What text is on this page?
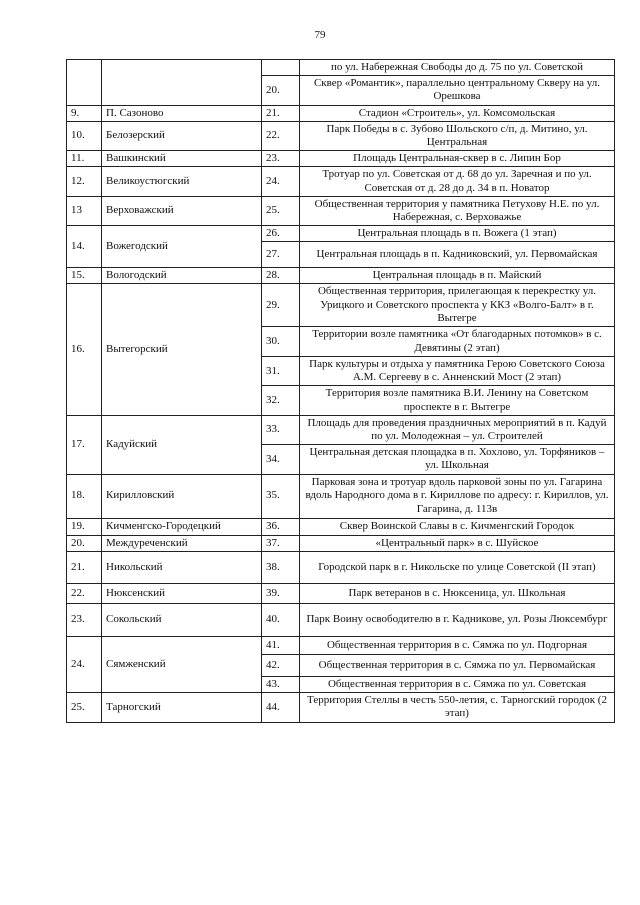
79
			по ул. Набережная Свободы до д. 75 по ул. Советской
		20.	Сквер «Романтик», параллельно центральному Скверу на ул. Орешкова
9.	П. Сазоново	21.	Стадион «Строитель», ул. Комсомольская
10.	Белозерский	22.	Парк Победы в с. Зубово Шольского с/п, д. Митино, ул. Центральная
11.	Вашкинский	23.	Площадь Центральная-сквер в с. Липин Бор
12.	Великоустюгский	24.	Тротуар по ул. Советская от д. 68 до ул. Заречная и по ул. Советская от д. 28 до д. 34 в п. Новатор
13	Верховажский	25.	Общественная территория у памятника Петухову Н.Е. по ул. Набережная, с. Верховажье
14.	Вожегодский	26.	Центральная площадь в п. Вожега (1 этап)
		27.	Центральная площадь в п. Кадниковский, ул. Первомайская
15.	Вологодский	28.	Центральная площадь в п. Майский
16.	Вытегорский	29.	Общественная территория, прилегающая к перекрестку ул. Урицкого и Советского проспекта у ККЗ «Волго-Балт» в г. Вытегре
		30.	Территории возле памятника «От благодарных потомков» в с. Девятины (2 этап)
		31.	Парк культуры и отдыха у памятника Герою Советского Союза А.М. Сергееву в с. Анненский Мост (2 этап)
		32.	Территория возле памятника В.И. Ленину на Советском проспекте в г. Вытегре
17.	Кадуйский	33.	Площадь для проведения праздничных мероприятий в п. Кадуй по ул. Молодежная – ул. Строителей
		34.	Центральная детская площадка в п. Хохлово, ул. Торфяников – ул. Школьная
18.	Кирилловский	35.	Парковая зона и тротуар вдоль парковой зоны по ул. Гагарина вдоль Народного дома в г. Кириллове по адресу: г. Кириллов, ул. Гагарина, д. 113в
19.	Кичменгско-Городецкий	36.	Сквер Воинской Славы в с. Кичменгский Городок
20.	Междуреченский	37.	«Центральный парк» в с. Шуйское
21.	Никольский	38.	Городской парк в г. Никольске по улице Советской (II этап)
22.	Нюксенский	39.	Парк ветеранов в с. Нюксеница, ул. Школьная
23.	Сокольский	40.	Парк Воину освободителю в г. Кадникове, ул. Розы Люксембург
24.	Сямженский	41.	Общественная территория в с. Сямжа по ул. Подгорная
		42.	Общественная территория в с. Сямжа по ул. Первомайская
		43.	Общественная территория в с. Сямжа по ул. Советская
25.	Тарногский	44.	Территория Стеллы в честь 550-летия, с. Тарногский городок (2 этап)
